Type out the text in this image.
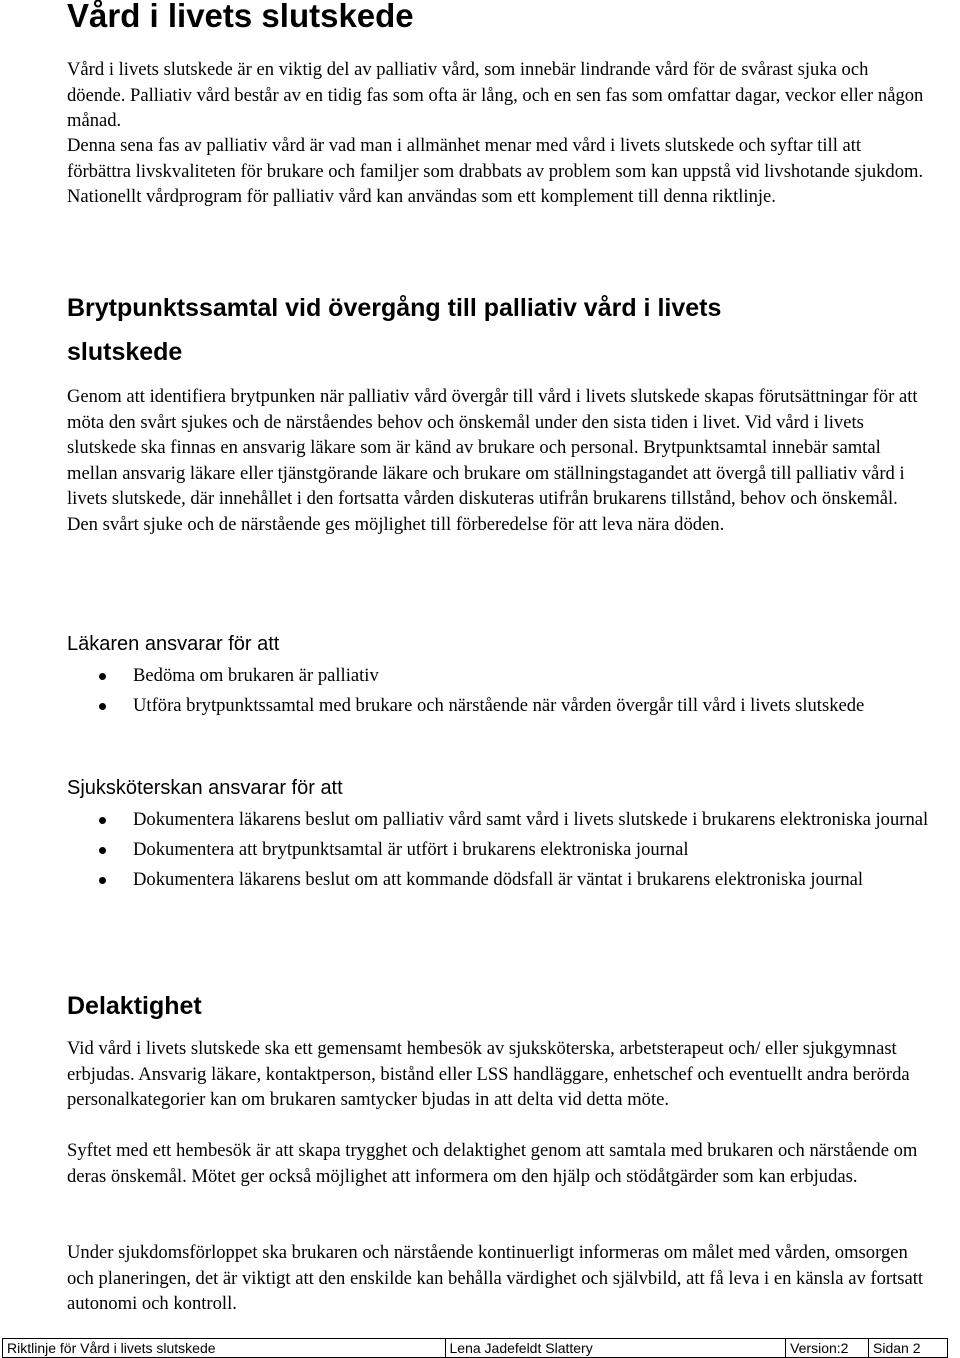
Vård i livets slutskede

Vård i livets slutskede är en viktig del av palliativ vård, som innebär lindrande vård för de svårast sjuka och döende. Palliativ vård består av en tidig fas som ofta är lång, och en sen fas som omfattar dagar, veckor eller någon månad.

Denna sena fas av palliativ vård är vad man i allmänhet menar med vård i livets slutskede och syftar till att förbättra livskvaliteten för brukare och familjer som drabbats av problem som kan uppstå vid livshotande sjukdom. Nationellt vårdprogram för palliativ vård kan användas som ett komplement till denna riktlinje.

Brytpunktssamtal vid övergång till palliativ vård i livets slutskede

Genom att identifiera brytpunken när palliativ vård övergår till vård i livets slutskede skapas förutsättningar för att möta den svårt sjukes och de närståendes behov och önskemål under den sista tiden i livet. Vid vård i livets slutskede ska finnas en ansvarig läkare som är känd av brukare och personal. Brytpunktsamtal innebär samtal mellan ansvarig läkare eller tjänstgörande läkare och brukare om ställningstagandet att övergå till palliativ vård i livets slutskede, där innehållet i den fortsatta vården diskuteras utifrån brukarens tillstånd, behov och önskemål. Den svårt sjuke och de närstående ges möjlighet till förberedelse för att leva nära döden.

Läkaren ansvarar för att
Bedöma om brukaren är palliativ
Utföra brytpunktssamtal med brukare och närstående när vården övergår till vård i livets slutskede
Sjuksköterskan ansvarar för att
Dokumentera läkarens beslut om palliativ vård samt vård i livets slutskede i brukarens elektroniska journal
Dokumentera att brytpunktsamtal är utfört i brukarens elektroniska journal
Dokumentera läkarens beslut om att kommande dödsfall är väntat i brukarens elektroniska journal
Delaktighet

Vid vård i livets slutskede ska ett gemensamt hembesök av sjuksköterska, arbetsterapeut och/ eller sjukgymnast erbjudas. Ansvarig läkare, kontaktperson, bistånd eller LSS handläggare, enhetschef och eventuellt andra berörda personalkategorier kan om brukaren samtycker bjudas in att delta vid detta möte.

Syftet med ett hembesök är att skapa trygghet och delaktighet genom att samtala med brukaren och närstående om deras önskemål. Mötet ger också möjlighet att informera om den hjälp och stödåtgärder som kan erbjudas.

Under sjukdomsförloppet ska brukaren och närstående kontinuerligt informeras om målet med vården, omsorgen och planeringen, det är viktigt att den enskilde kan behålla värdighet och självbild, att få leva i en känsla av fortsatt autonomi och kontroll.

Riktlinje för Vård i livets slutskede	Lena Jadefeldt Slattery	Version:2	Sidan 2
